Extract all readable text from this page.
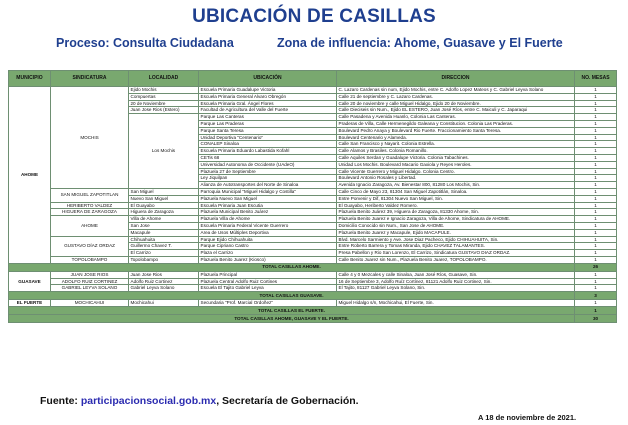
UBICACIÓN DE CASILLAS
Proceso: Consulta Ciudadana	Zona de influencia: Ahome, Guasave y El Fuerte
MUNICIPIO	SINDICATURA	LOCALIDAD	UBICACIÓN	DIRECCION	NO. MESAS
AHOME	MOCHIS	Ejido Mochis	Escuela Primaria Guadalupe Victoria	C. Lazaro Cardenas sin num, Ejido Mochis, entre C. Adolfo Lopez Mateos y C. Gabriel Leyva Solano	1
		Compuertas	Escuela Primaria General Alvaro Obregón	Calle 21 de septiembre y C. Lazaro Cardenas.	1
		20 de Noviembre	Escuela Primaria Gral. Ángel Flores	Calle 20 de noviembre y calle Miguel Hidalgo, Ejido 20 de Noviembre.	1
		Juan Jose Rios (Estero)	Facultad de Agricultura del Valle del Fuerte	Calle Dieciseis sin Num., Ejido EL ESTERO, Juan José Ríos, entre C. Maiculi y C. Japaraqui	1
		Los Mochis	Parque Las Canteras	Calle Pasadena y Avenida Huanlo, Colonia Las Canteras.	1
			Parque Las Praderas	Praderas de Villa, Calle Hermenegildo Galeana y Constitucion. Colonia Las Praderas.	1
			Parque Santa Teresa	Boulevard Pedro Anaya y Boulevard Rio Fuerte. Fraccionamiento Santa Teresa.	1
			Unidad Deportiva "Centenario"	Boulevard Centenario y Alameda.	1
			CONALEP Sinaloa	Calle San Francisco y Nayarit. Colonia Estrella.	1
			Escuela Primaria Eduardo Labastida Kofahl	Calle Alamos y Brasiles. Colonia Romanillo.	1
			CETis 68	Calle Aquiles Serdan y Guadalupe Victoria. Colonia Tabachines.	1
			Universidad Autonoma de Occidente (UAdeO)	Unidad Los Mochis. Boulevard Macario Gaxiola y Reyes Heroles.	1
			Plazuela 27 de Septiembre	Calle Vicente Guerrero y Miguel Hidalgo. Colonia Centro.	1
			Ley Jiquilpan	Boulevard Antonio Rosales y Libertad.	1
			Alianza de Autotransportes del Norte de Sinaloa	Avenida Ignacio Zaragoza, Av. Bienestar 800, 81280 Los Mochis, Sin.	1
	SAN MIGUEL ZAPOTITLAN	San Miguel	Parroquia Municipal "Miguel Hidalgo y Costilla"	Calle Cinco de Mayo 23, 81304 San Miguel Zapotitlán, Sinaloa.	1
		Nuevo San Miguel	Plazuela Nuevo San Miguel	Entre Porvenir y Dif, 81304 Nuevo San Miguel, Sin.	1
	HERIBERTO VALDEZ	El Guayabo	Escuela Primaria Juan Escutia	El Guayabo, Heriberto Valdez Romero.	1
	HIGUERA DE ZARAGOZA	Higuera de Zaragoza	Plazuela Municipal Benito Juárez	Plazuela Benito Juárez 39, Higuera de Zaragoza, 81330 Ahome, Sin.	1
	AHOME	Villa de Ahome	Plazuela Villa de Ahome	Plazuela Benito Juarez e Ignacio Zaragoza, Villa de Ahome, Sindicatura de AHOME.	1
		San Jose	Escuela Primaria Federal Vicente Guerrero	Domicilio Conocido sin Num., San Jose de AHOME.	1
		Macapule	Area de Usos Múltiples Deportiva	Plazuela Benito Juarez y Macapule, Ejido MACAPULE.	1
	GUSTAVO DÍAZ ORDAZ	Chihuahuita	Parque Ejido Chihuahuita	Blvd. Marcelo Sarmiento y Ave. Jose Diaz Pacheco, Ejido CHIHUAHUITA, Sin.	1
		Guillermo Chavez T.	Parque Cipriano Castro	Entre Roberto Barrera y Tomas Miranda, Ejido CHAVEZ TALAMANTES.	1
		El Carrizo	Plaza el Carrizo	Presa Pabellon y Rio San Lorenzo, El Carrizo, Sindicatura GUSTAVO DIAZ ORDAZ.	1
	TOPOLOBAMPO	Topolobampo	Plazuela Benito Juarez (Kiosco)	Calle Benito Juarez sin Num., Plazuela Benito Juarez, TOPOLOBAMPO.	1
TOTAL CASILLAS AHOME.					26
GUASAVE	JUAN JOSE RIOS	Juan Jose Rios	Plazuela Principal	Calle 4 y 0 Mezcales y calle Sinaloa, Juan José Ríos, Guasave, Sin.	1
	ADOLFO RUIZ CORTINEZ	Adolfo Ruiz Cortinez	Plazuela Central Adolfo Ruiz Cortines	16 de Septiembre 3, Adolfo Ruíz Cortínez, 81121 Adolfo Ruiz Cortinez, Sin.	1
	GABRIEL LEYVA SOLANO	Gabriel Leyva Solano	Escuela El Tajito Gabriel Leyva	El Tajito, 81127 Gabriel Leyva Solano, Sin.	1
TOTAL CASILLAS GUASAVE.					3
EL FUERTE	MOCHICAHUI	Mochicahui	Secundaria "Prof. Marcial Ordoñez"	Miguel Hidalgo s/n, Mochicahui, El Fuerte, Sin.	1
TOTAL CASILLAS EL FUERTE.					1
TOTAL CASILLAS AHOME, GUASAVE Y EL FUERTE.					30
Fuente: participacionsocial.gob.mx, Secretaría de Gobernación.
A 18 de noviembre de 2021.
